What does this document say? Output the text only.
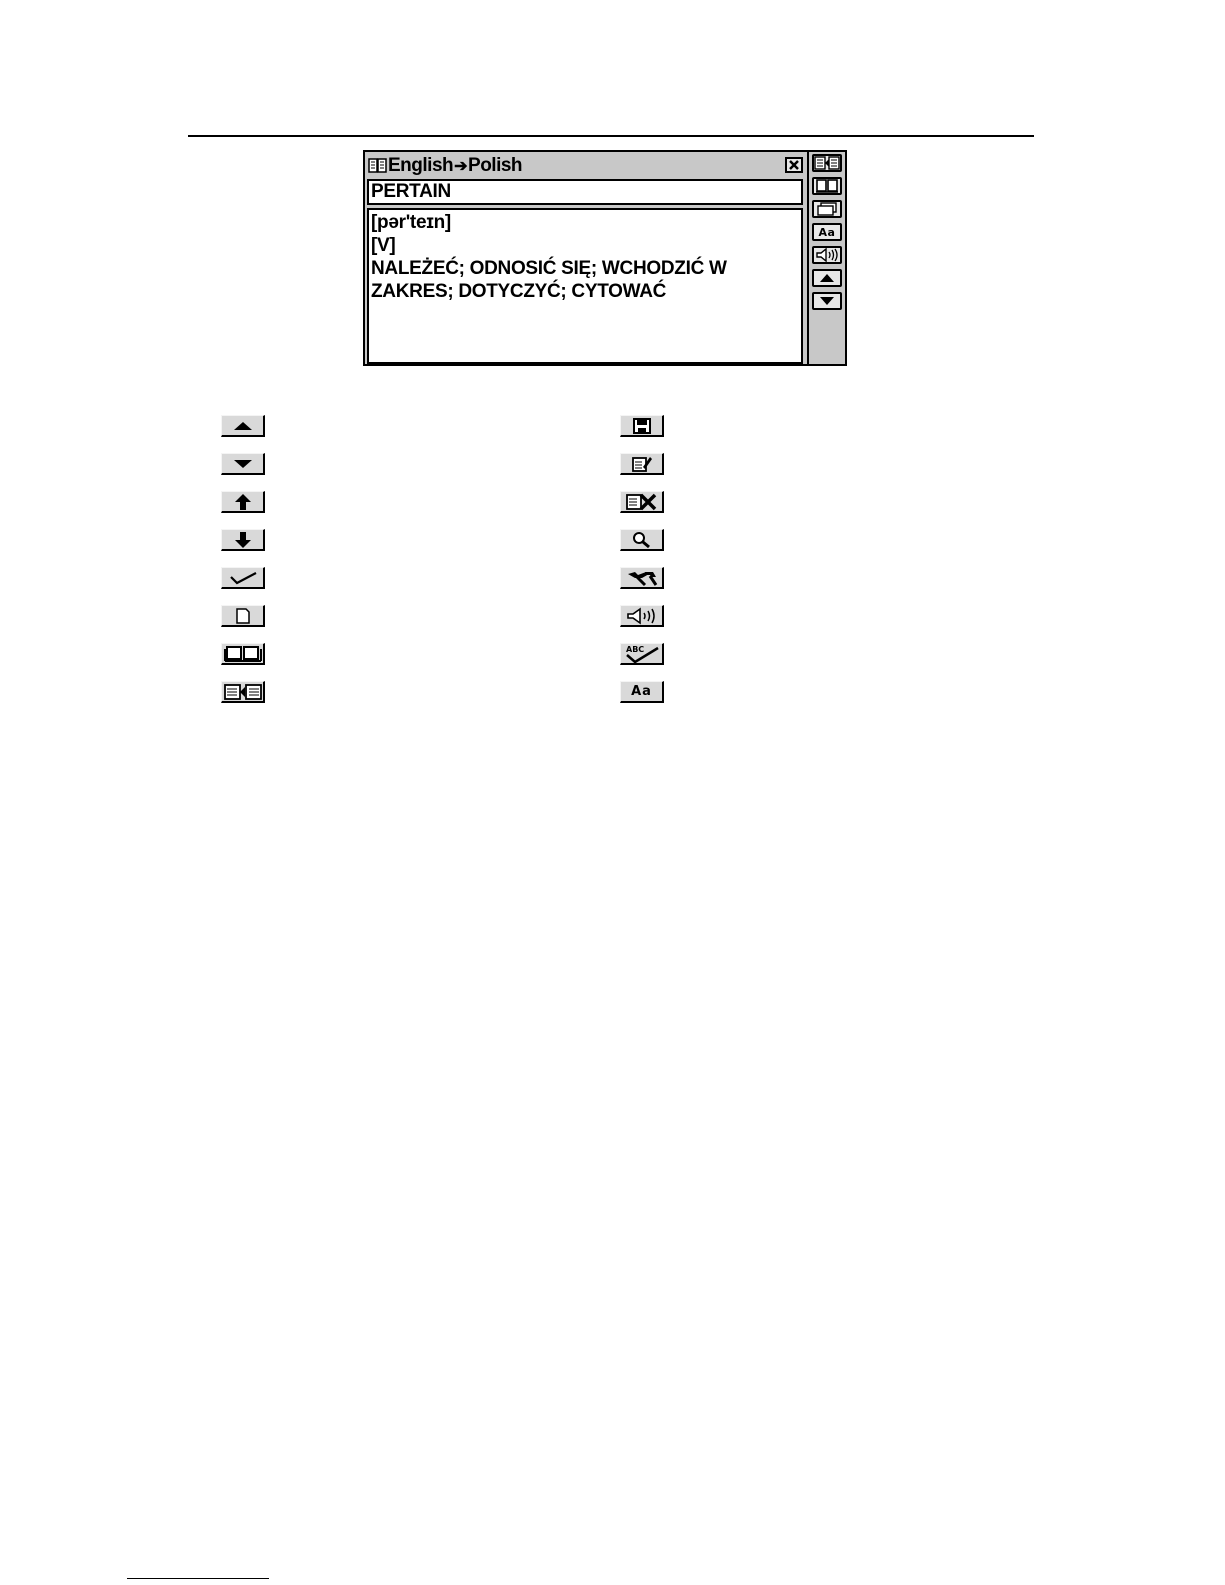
English ➔ Polish
PERTAIN
[pər'teɪn]
[V]
NALEŻEĆ; ODNOSIĆ SIĘ; WCHODZIĆ W
ZAKRES; DOTYCZYĆ; CYTOWAĆ
Aa
ABC
Aa
